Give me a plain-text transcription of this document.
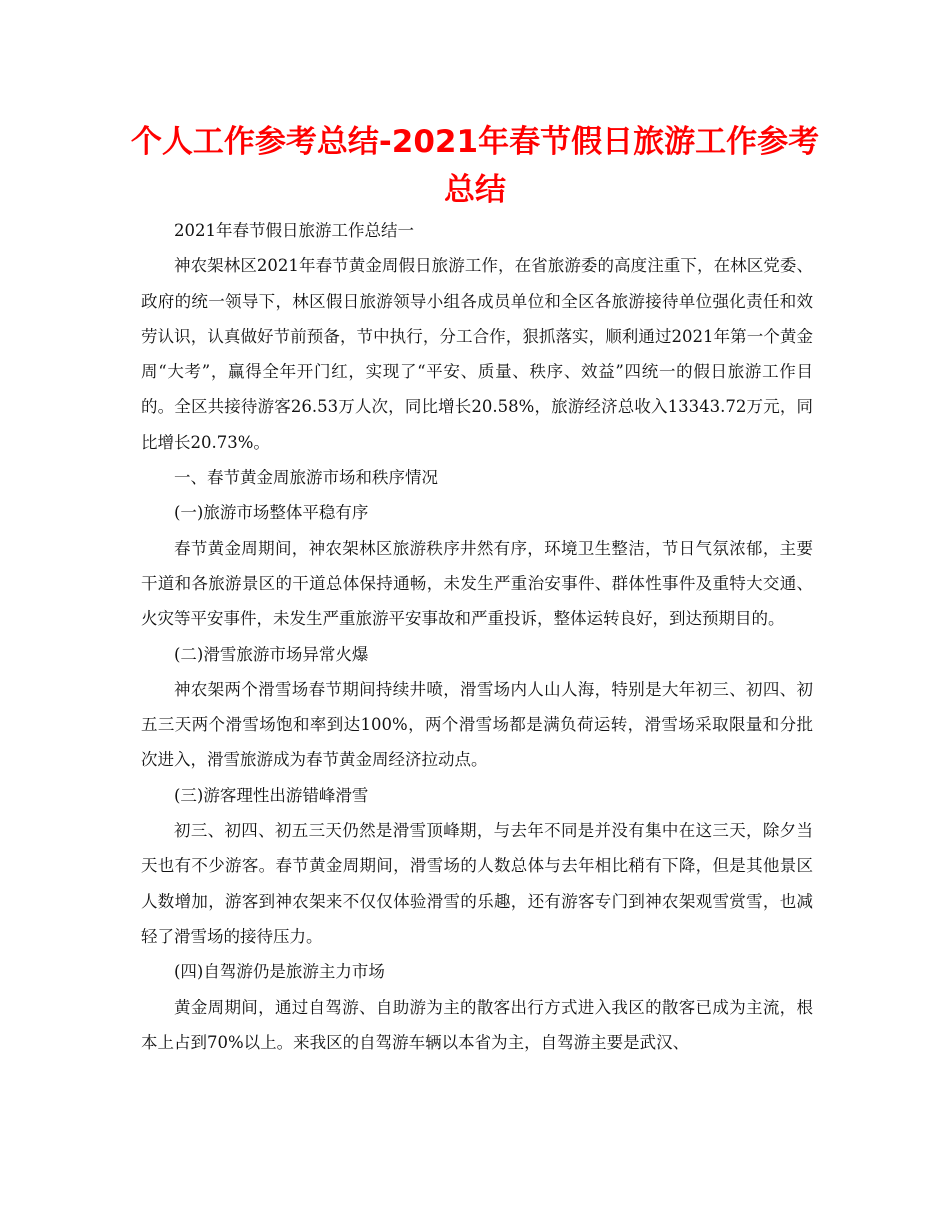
个人工作参考总结-2021年春节假日旅游工作参考总结

2021年春节假日旅游工作总结一

神农架林区2021年春节黄金周假日旅游工作，在省旅游委的高度注重下，在林区党委、政府的统一领导下，林区假日旅游领导小组各成员单位和全区各旅游接待单位强化责任和效劳认识，认真做好节前预备，节中执行，分工合作，狠抓落实，顺利通过2021年第一个黄金周“大考”，赢得全年开门红，实现了“平安、质量、秩序、效益”四统一的假日旅游工作目的。全区共接待游客26.53万人次，同比增长20.58%，旅游经济总收入13343.72万元，同比增长20.73%。

一、春节黄金周旅游市场和秩序情况

(一)旅游市场整体平稳有序

春节黄金周期间，神农架林区旅游秩序井然有序，环境卫生整洁，节日气氛浓郁，主要干道和各旅游景区的干道总体保持通畅，未发生严重治安事件、群体性事件及重特大交通、火灾等平安事件，未发生严重旅游平安事故和严重投诉，整体运转良好，到达预期目的。

(二)滑雪旅游市场异常火爆

神农架两个滑雪场春节期间持续井喷，滑雪场内人山人海，特别是大年初三、初四、初五三天两个滑雪场饱和率到达100%，两个滑雪场都是满负荷运转，滑雪场采取限量和分批次进入，滑雪旅游成为春节黄金周经济拉动点。

(三)游客理性出游错峰滑雪

初三、初四、初五三天仍然是滑雪顶峰期，与去年不同是并没有集中在这三天，除夕当天也有不少游客。春节黄金周期间，滑雪场的人数总体与去年相比稍有下降，但是其他景区人数增加，游客到神农架来不仅仅体验滑雪的乐趣，还有游客专门到神农架观雪赏雪，也减轻了滑雪场的接待压力。

(四)自驾游仍是旅游主力市场

黄金周期间，通过自驾游、自助游为主的散客出行方式进入我区的散客已成为主流，根本上占到70%以上。来我区的自驾游车辆以本省为主，自驾游主要是武汉、
